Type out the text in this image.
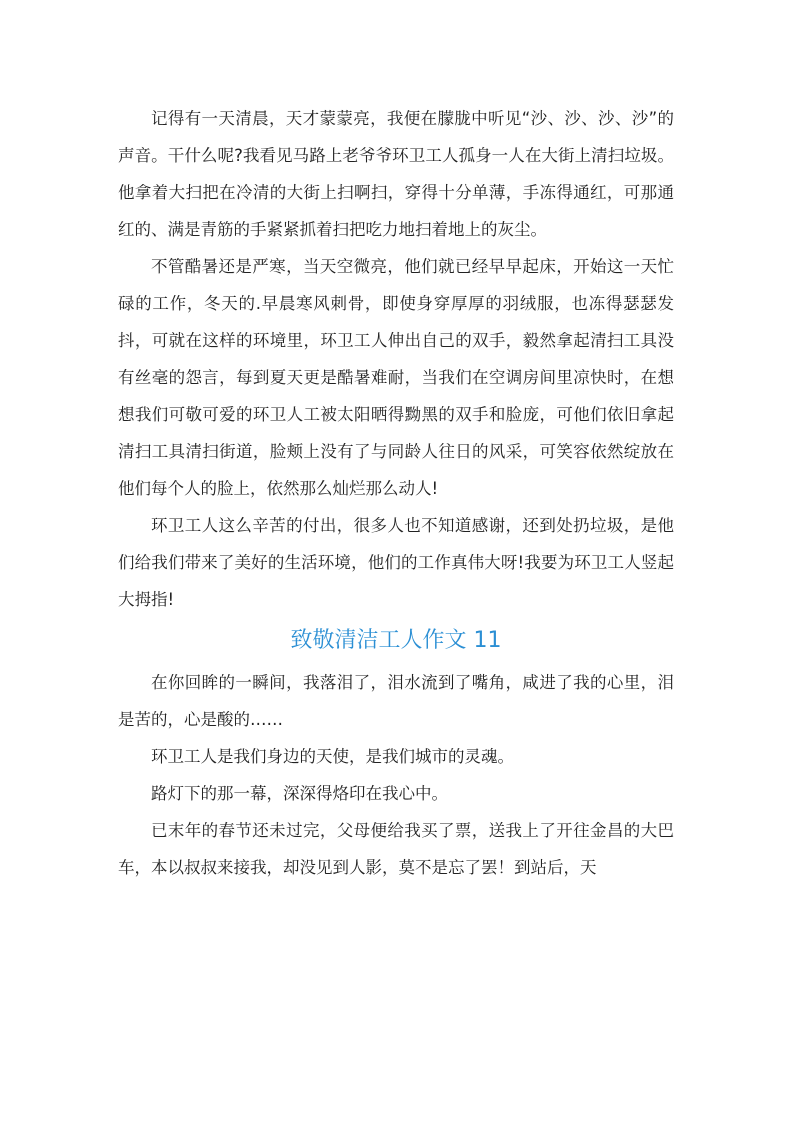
记得有一天清晨，天才蒙蒙亮，我便在朦胧中听见“沙、沙、沙、沙”的声音。干什么呢?我看见马路上老爷爷环卫工人孤身一人在大街上清扫垃圾。他拿着大扫把在冷清的大街上扫啊扫，穿得十分单薄，手冻得通红，可那通红的、满是青筋的手紧紧抓着扫把吃力地扫着地上的灰尘。

不管酷暑还是严寒，当天空微亮，他们就已经早早起床，开始这一天忙碌的工作，冬天的.早晨寒风刺骨，即使身穿厚厚的羽绒服，也冻得瑟瑟发抖，可就在这样的环境里，环卫工人伸出自己的双手，毅然拿起清扫工具没有丝毫的怨言，每到夏天更是酷暑难耐，当我们在空调房间里凉快时，在想想我们可敬可爱的环卫人工被太阳晒得黝黑的双手和脸庞，可他们依旧拿起清扫工具清扫街道，脸颊上没有了与同龄人往日的风采，可笑容依然绽放在他们每个人的脸上，依然那么灿烂那么动人!

环卫工人这么辛苦的付出，很多人也不知道感谢，还到处扔垃圾，是他们给我们带来了美好的生活环境，他们的工作真伟大呀!我要为环卫工人竖起大拇指!

致敬清洁工人作文 11

在你回眸的一瞬间，我落泪了，泪水流到了嘴角，咸进了我的心里，泪是苦的，心是酸的……

环卫工人是我们身边的天使，是我们城市的灵魂。

路灯下的那一幕，深深得烙印在我心中。

已末年的春节还未过完，父母便给我买了票，送我上了开往金昌的大巴车，本以叔叔来接我，却没见到人影，莫不是忘了罢！到站后，天
